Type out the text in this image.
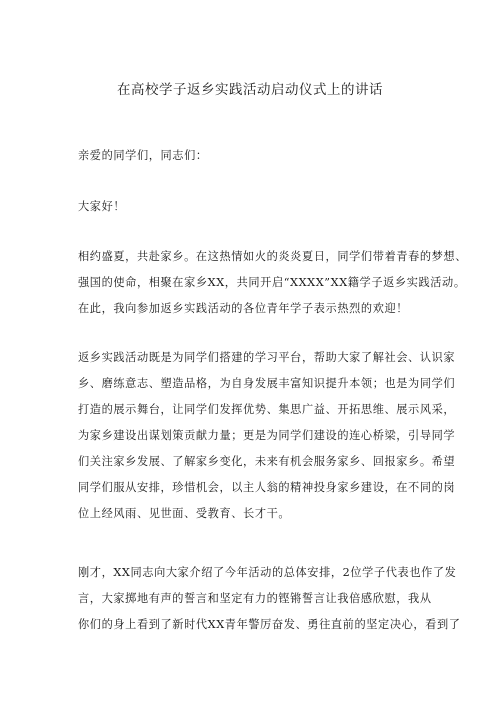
在高校学子返乡实践活动启动仪式上的讲话

亲爱的同学们，同志们：

大家好！

相约盛夏，共赴家乡。在这热情如火的炎炎夏日，同学们带着青春的梦想、
强国的使命，相聚在家乡XX，共同开启“XXXX”XX籍学子返乡实践活动。
在此，我向参加返乡实践活动的各位青年学子表示热烈的欢迎！

返乡实践活动既是为同学们搭建的学习平台，帮助大家了解社会、认识家
乡、磨练意志、塑造品格，为自身发展丰富知识提升本领；也是为同学们
打造的展示舞台，让同学们发挥优势、集思广益、开拓思维、展示风采，
为家乡建设出谋划策贡献力量；更是为同学们建设的连心桥梁，引导同学
们关注家乡发展、了解家乡变化，未来有机会服务家乡、回报家乡。希望
同学们服从安排，珍惜机会，以主人翁的精神投身家乡建设，在不同的岗
位上经风雨、见世面、受教育、长才干。

刚才，XX同志向大家介绍了今年活动的总体安排，2位学子代表也作了发
言，大家掷地有声的誓言和坚定有力的铿锵誓言让我倍感欣慰，我从
你们的身上看到了新时代XX青年警厉奋发、勇往直前的坚定决心，看到了
